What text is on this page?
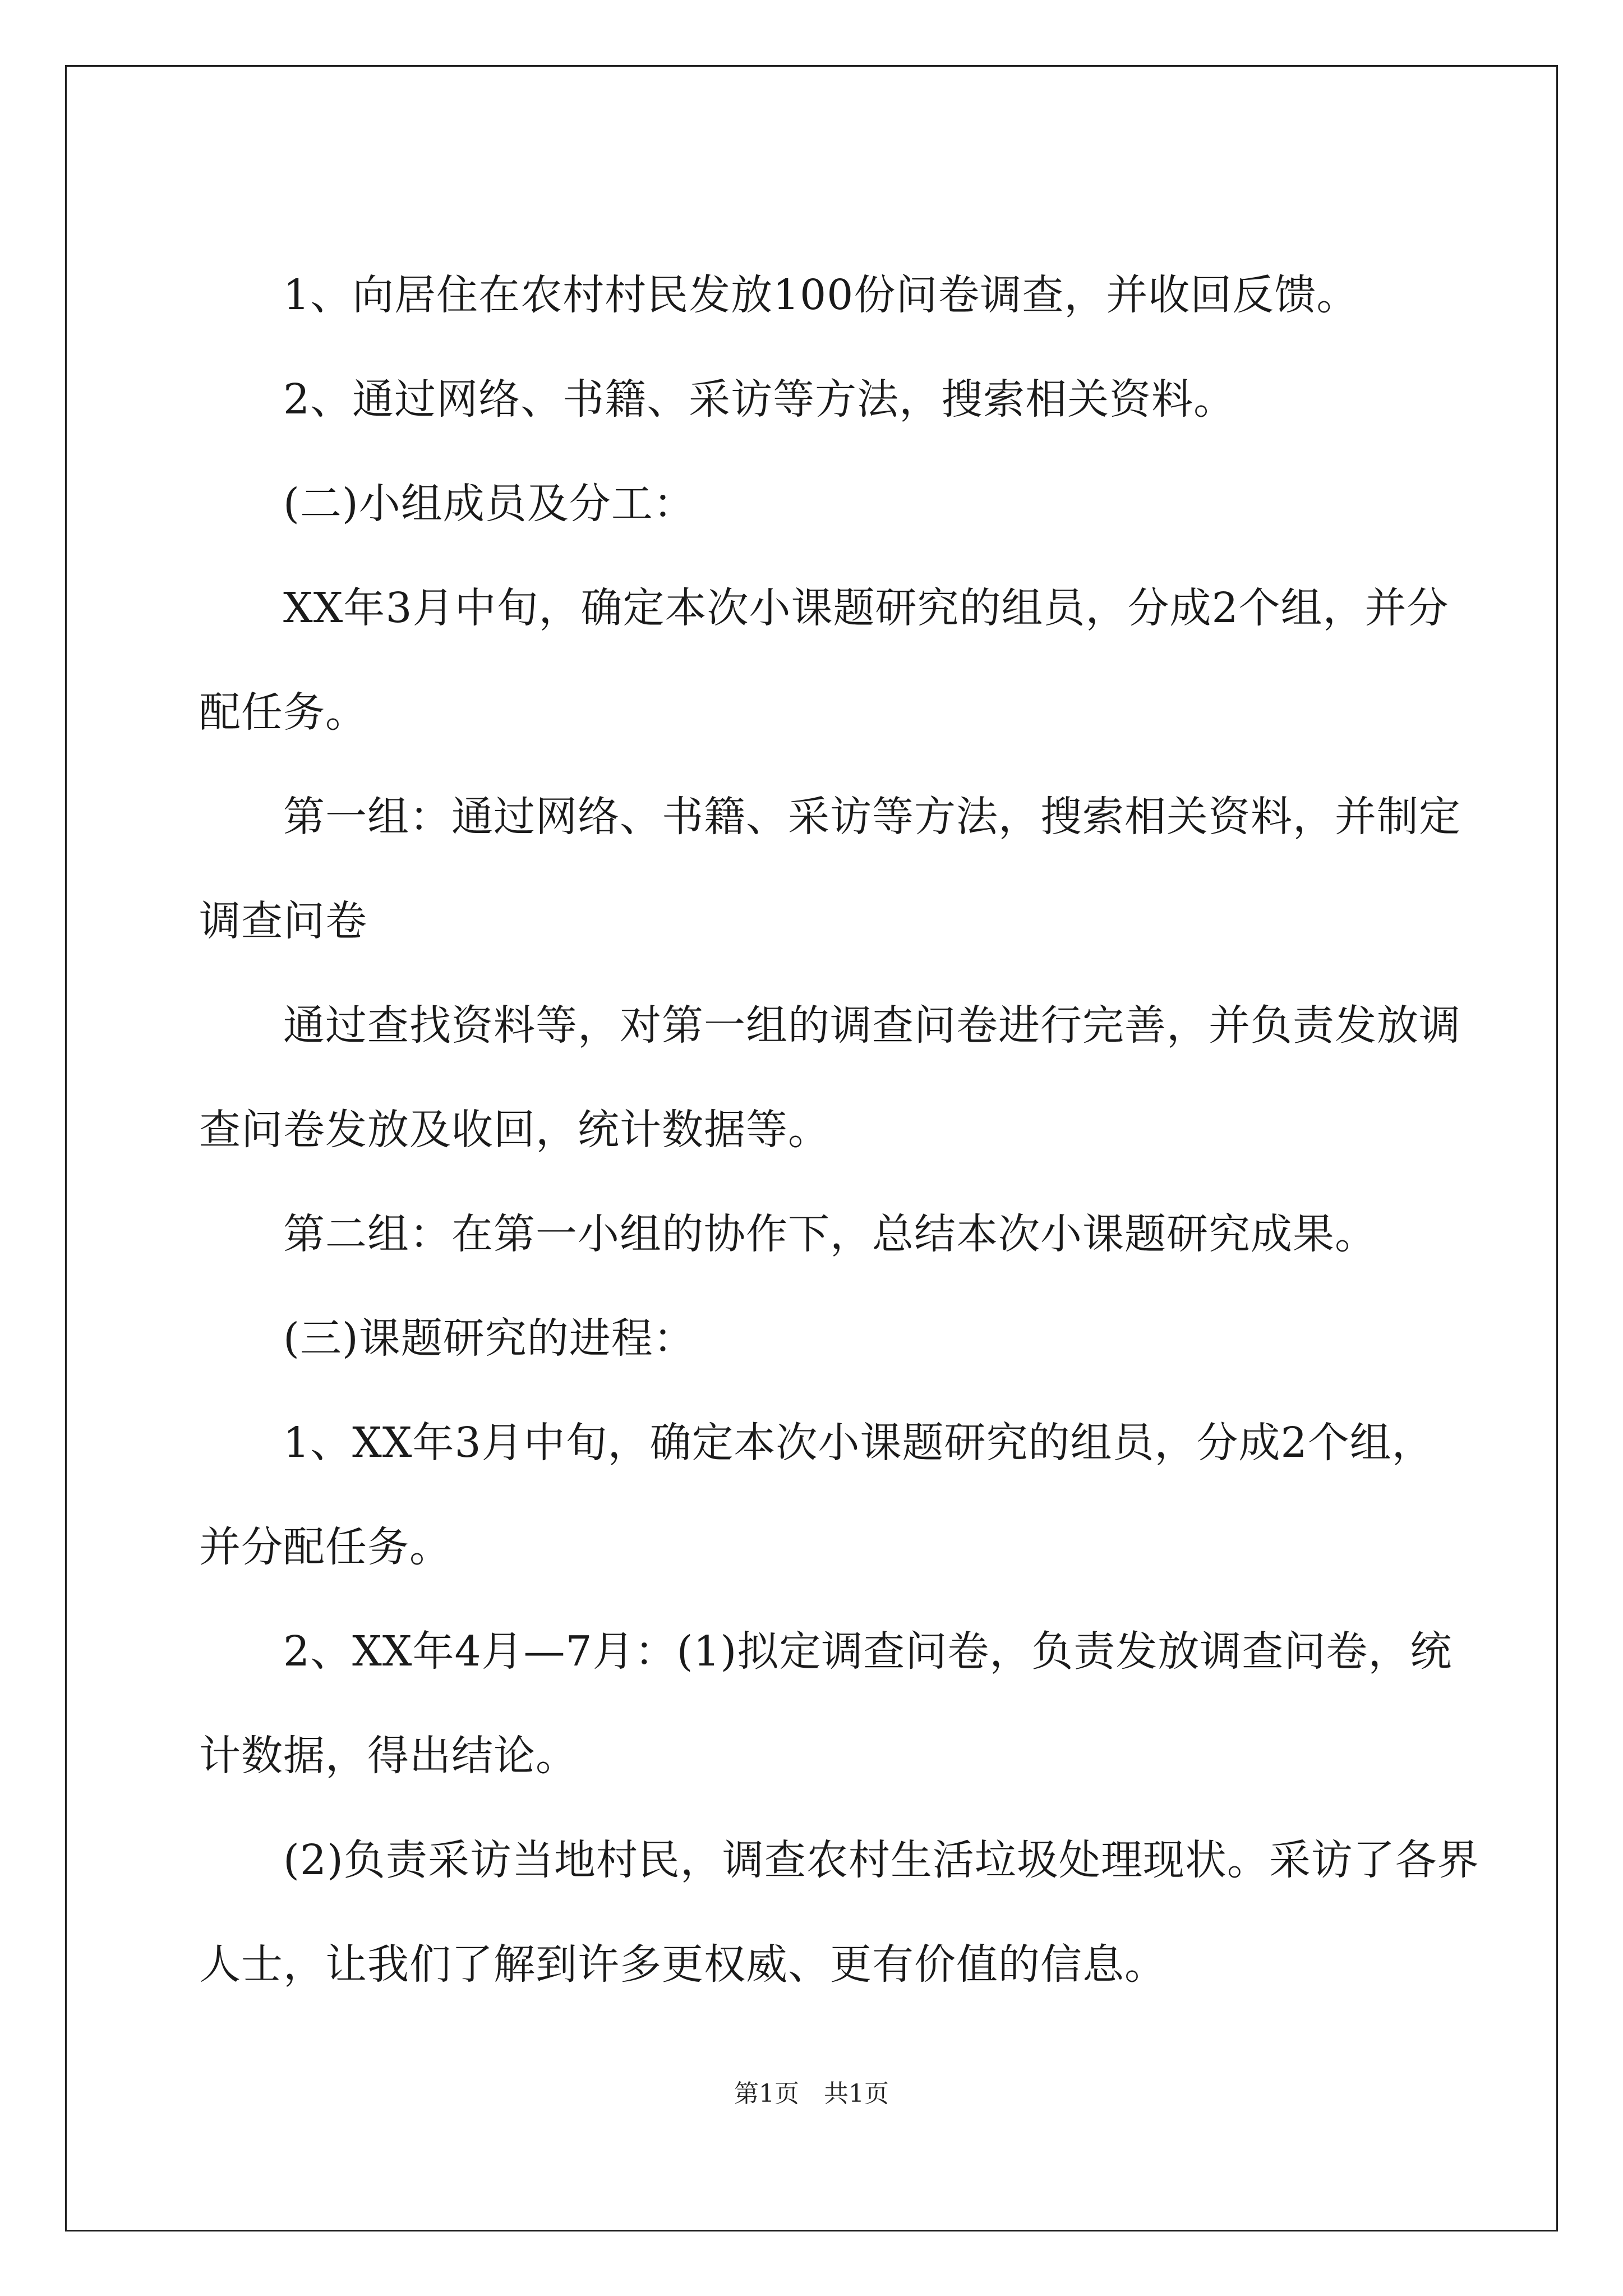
　　1、向居住在农村村民发放100份问卷调查，并收回反馈。

　　2、通过网络、书籍、采访等方法，搜索相关资料。

　　(二)小组成员及分工：

　　XX年3月中旬，确定本次小课题研究的组员，分成2个组，并分

配任务。

　　第一组：通过网络、书籍、采访等方法，搜索相关资料，并制定

调查问卷

　　通过查找资料等，对第一组的调查问卷进行完善，并负责发放调

查问卷发放及收回，统计数据等。

　　第二组：在第一小组的协作下，总结本次小课题研究成果。

　　(三)课题研究的进程：

　　1、XX年3月中旬，确定本次小课题研究的组员，分成2个组，

并分配任务。

　　2、XX年4月—7月：(1)拟定调查问卷，负责发放调查问卷，统

计数据，得出结论。

　　(2)负责采访当地村民，调查农村生活垃圾处理现状。采访了各界

人士，让我们了解到许多更权威、更有价值的信息。

第1页　共1页
